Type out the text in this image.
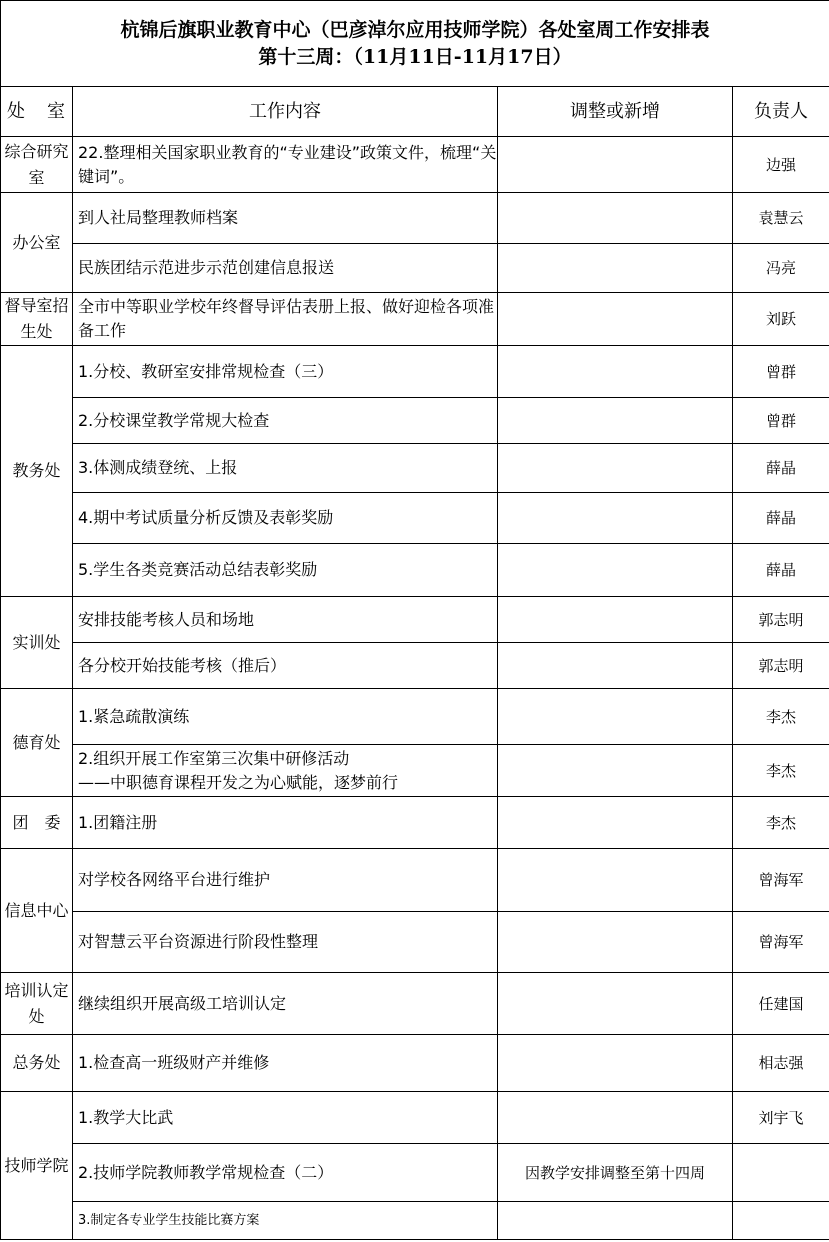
杭锦后旗职业教育中心（巴彦淖尔应用技师学院）各处室周工作安排表
第十三周：（11月11日-11月17日）			

处　室	工作内容	调整或新增	负责人
综合研究室	22.整理相关国家职业教育的“专业建设”政策文件，梳理“关键词”。		边强
办公室	到人社局整理教师档案		袁慧云
	民族团结示范进步示范创建信息报送		冯亮
督导室招生处	全市中等职业学校年终督导评估表册上报、做好迎检各项准备工作		刘跃
教务处	1.分校、教研室安排常规检查（三）		曾群
	2.分校课堂教学常规大检查		曾群
	3.体测成绩登统、上报		薛晶
	4.期中考试质量分析反馈及表彰奖励		薛晶
	5.学生各类竞赛活动总结表彰奖励		薛晶
实训处	安排技能考核人员和场地		郭志明
	各分校开始技能考核（推后）		郭志明
德育处	1.紧急疏散演练		李杰
	2.组织开展工作室第三次集中研修活动
——中职德育课程开发之为心赋能，逐梦前行		李杰
团　委	1.团籍注册		李杰
信息中心	对学校各网络平台进行维护		曾海军
	对智慧云平台资源进行阶段性整理		曾海军
培训认定处	继续组织开展高级工培训认定		任建国
总务处	1.检查高一班级财产并维修		相志强
技师学院	1.教学大比武		刘宇飞
	2.技师学院教师教学常规检查（二）	因教学安排调整至第十四周	
	3.制定各专业学生技能比赛方案		
